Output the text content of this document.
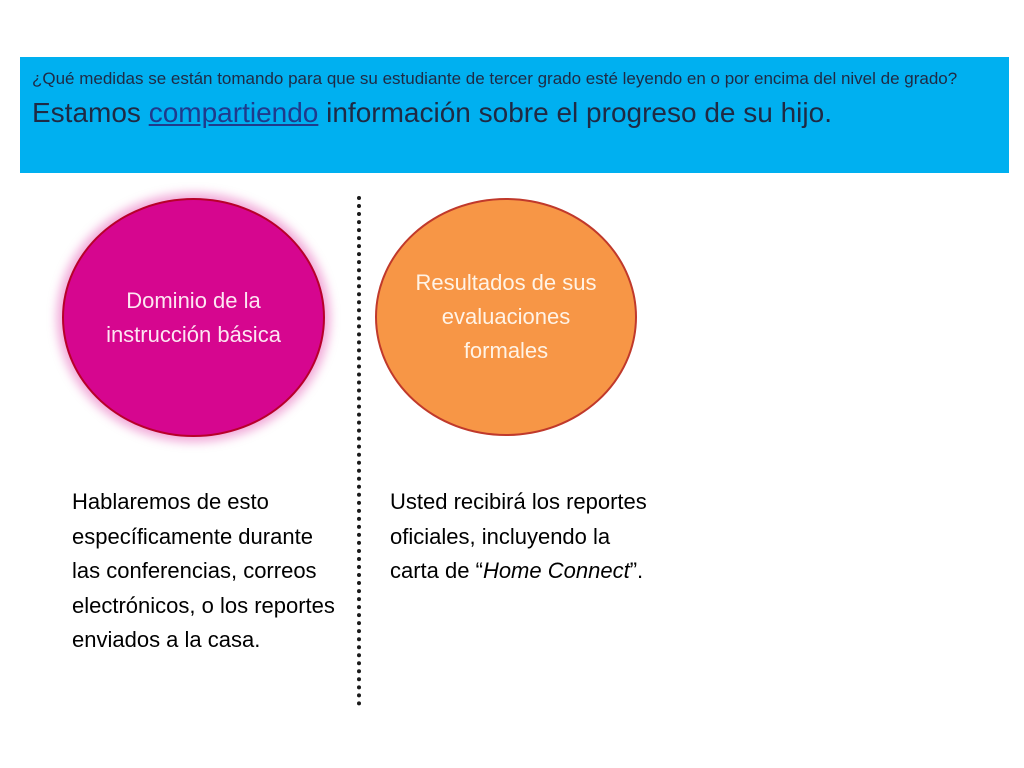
¿Qué medidas se están tomando para que su estudiante de tercer grado esté leyendo en o por encima del nivel de grado?

Estamos compartiendo información sobre el progreso de su hijo.

Dominio de la instrucción básica
Resultados de sus evaluaciones formales

Hablaremos de esto específicamente durante las conferencias, correos electrónicos, o los reportes enviados a la casa.

Usted recibirá los reportes oficiales, incluyendo la carta de “Home Connect”.
